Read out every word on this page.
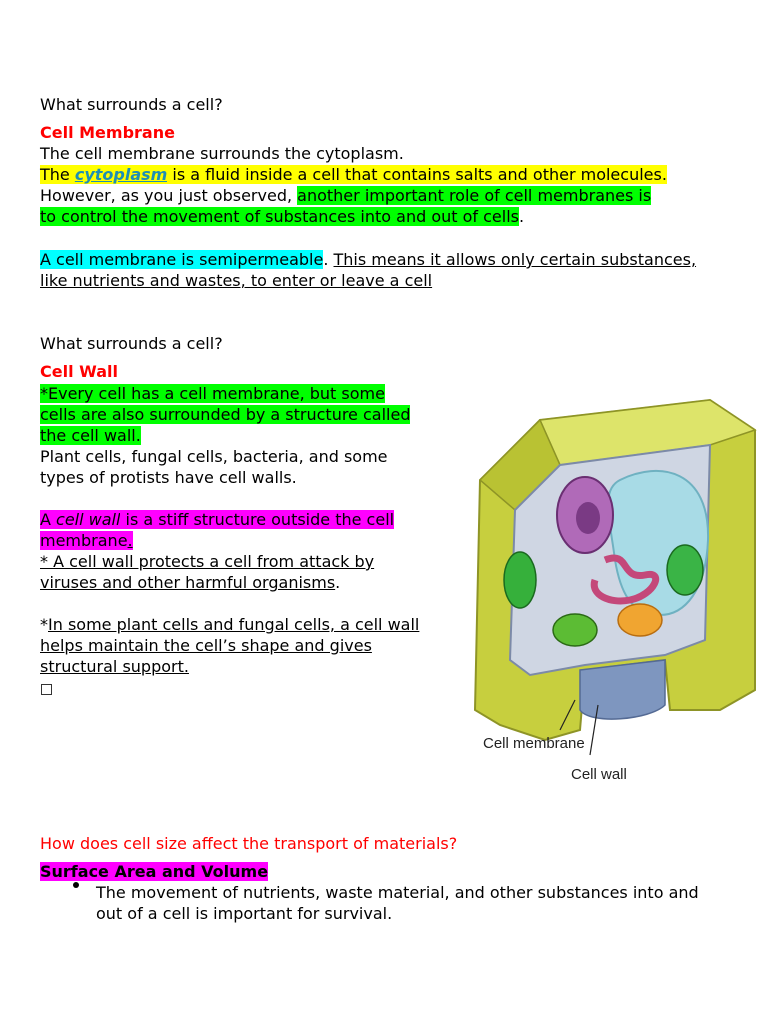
What surrounds a cell?
Cell Membrane
The cell membrane surrounds the cytoplasm.
The cytoplasm is a fluid inside a cell that contains salts and other molecules.
However, as you just observed, another important role of cell membranes is
to control the movement of substances into and out of cells.
A cell membrane is semipermeable. This means it allows only certain substances,
like nutrients and wastes, to enter or leave a cell
What surrounds a cell?
Cell Wall
*Every cell has a cell membrane, but some
cells are also surrounded by a structure called
the cell wall.
Plant cells, fungal cells, bacteria, and some
types of protists have cell walls.
A cell wall is a stiff structure outside the cell
membrane.
* A cell wall protects a cell from attack by
viruses and other harmful organisms.
*In some plant cells and fungal cells, a cell wall
helps maintain the cell’s shape and gives
structural support.
Cell membrane
Cell wall
How does cell size affect the transport of materials?
Surface Area and Volume
The movement of nutrients, waste material, and other substances into and
out of a cell is important for survival.
